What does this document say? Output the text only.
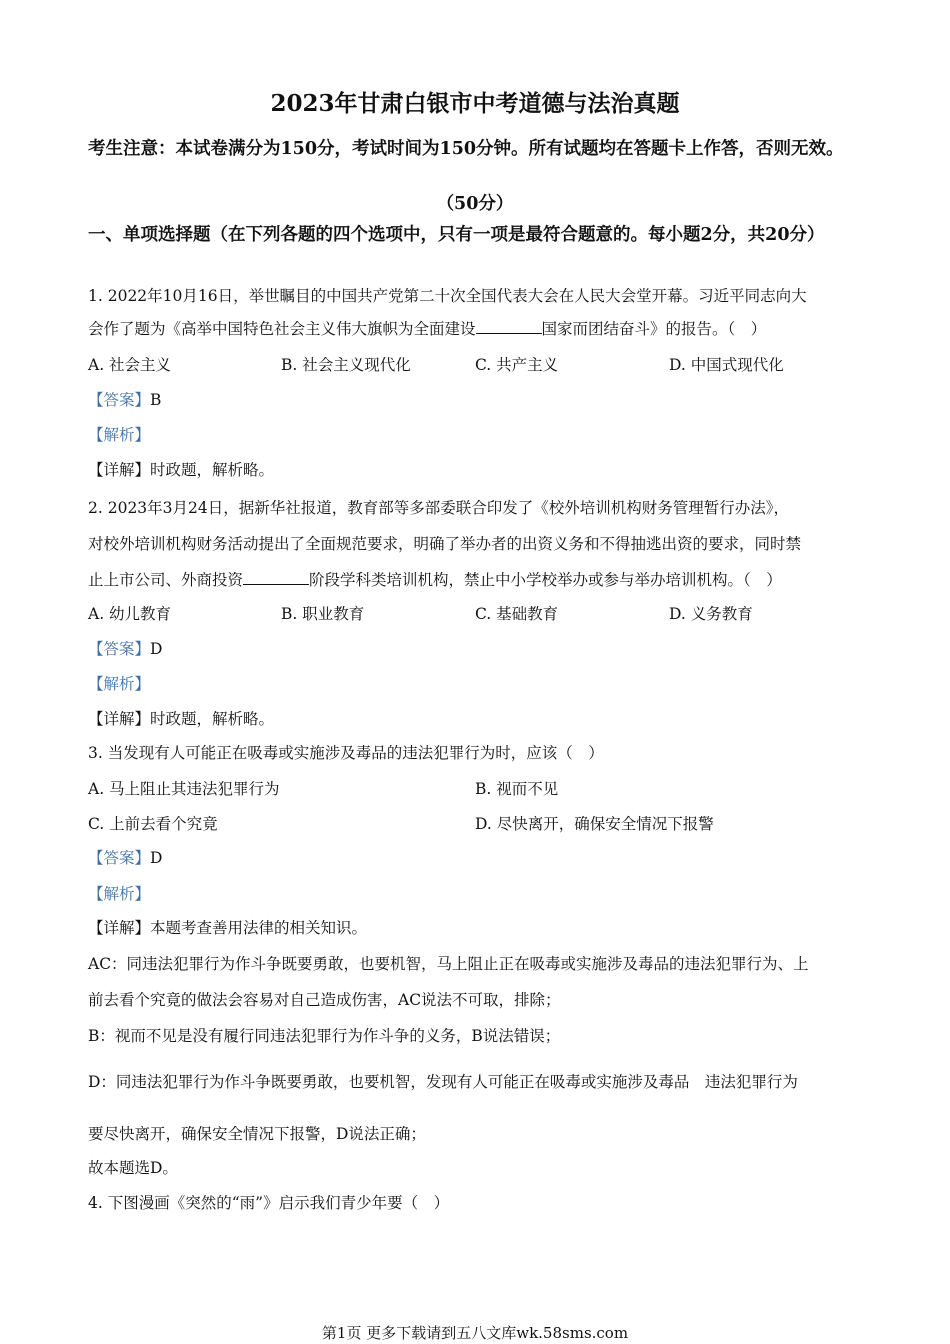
2023年甘肃白银市中考道德与法治真题
考生注意：本试卷满分为150分，考试时间为150分钟。所有试题均在答题卡上作答，否则无效。
（50分）
一、单项选择题（在下列各题的四个选项中，只有一项是最符合题意的。每小题2分，共20分）
1. 2022年10月16日，举世瞩目的中国共产党第二十次全国代表大会在人民大会堂开幕。习近平同志向大
会作了题为《高举中国特色社会主义伟大旗帜为全面建设	国家而团结奋斗》的报告。（　）
A. 社会主义	B. 社会主义现代化	C. 共产主义	D. 中国式现代化
【答案】B
【解析】
【详解】时政题，解析略。
2. 2023年3月24日，据新华社报道，教育部等多部委联合印发了《校外培训机构财务管理暂行办法》，
对校外培训机构财务活动提出了全面规范要求，明确了举办者的出资义务和不得抽逃出资的要求，同时禁
止上市公司、外商投资	阶段学科类培训机构，禁止中小学校举办或参与举办培训机构。（　）
A. 幼儿教育	B. 职业教育	C. 基础教育	D. 义务教育
【答案】D
【解析】
【详解】时政题，解析略。
3. 当发现有人可能正在吸毒或实施涉及毒品的违法犯罪行为时，应该（　）
A. 马上阻止其违法犯罪行为	B. 视而不见
C. 上前去看个究竟	D. 尽快离开，确保安全情况下报警
【答案】D
【解析】
【详解】本题考查善用法律的相关知识。
AC：同违法犯罪行为作斗争既要勇敢，也要机智，马上阻止正在吸毒或实施涉及毒品的违法犯罪行为、上
前去看个究竟的做法会容易对自己造成伤害，AC说法不可取，排除；
B：视而不见是没有履行同违法犯罪行为作斗争的义务，B说法错误；
D：同违法犯罪行为作斗争既要勇敢，也要机智，发现有人可能正在吸毒或实施涉及毒品　违法犯罪行为
要尽快离开，确保安全情况下报警，D说法正确；
故本题选D。
4. 下图漫画《突然的“雨”》启示我们青少年要（　）
第1页 更多下载请到五八文库wk.58sms.com
